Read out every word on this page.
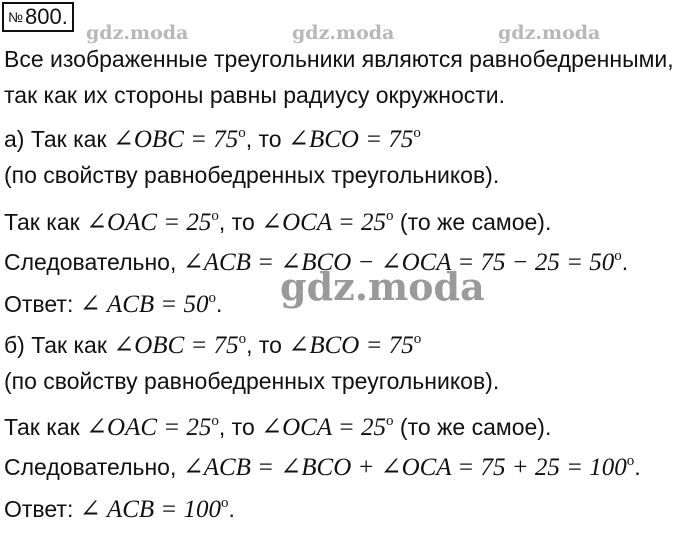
№800.
gdz.moda	gdz.moda	gdz.moda
Все изображенные треугольники являются равнобедренными,
так как их стороны равны радиусу окружности.
а) Так как ∠OBC = $75^o$, то ∠BCO = $75^o$
(по свойству равнобедренных треугольников).
Так как ∠OAC = $25^o$, то ∠OCA = $25^o$ (то же самое).
Следовательно, ∠ACB = ∠BCO − ∠OCA = $75 - 25 = 50^o$.
Ответ: ∠ ACB = $50^o$. gdz.moda
б) Так как ∠OBC = $75^o$, то ∠BCO = $75^o$
(по свойству равнобедренных треугольников).
Так как ∠OAC = $25^o$, то ∠OCA = $25^o$ (то же самое).
Следовательно, ∠ACB = ∠BCO + ∠OCA = $75 + 25 = 100^o$.
Ответ: ∠ ACB = $100^o$.
